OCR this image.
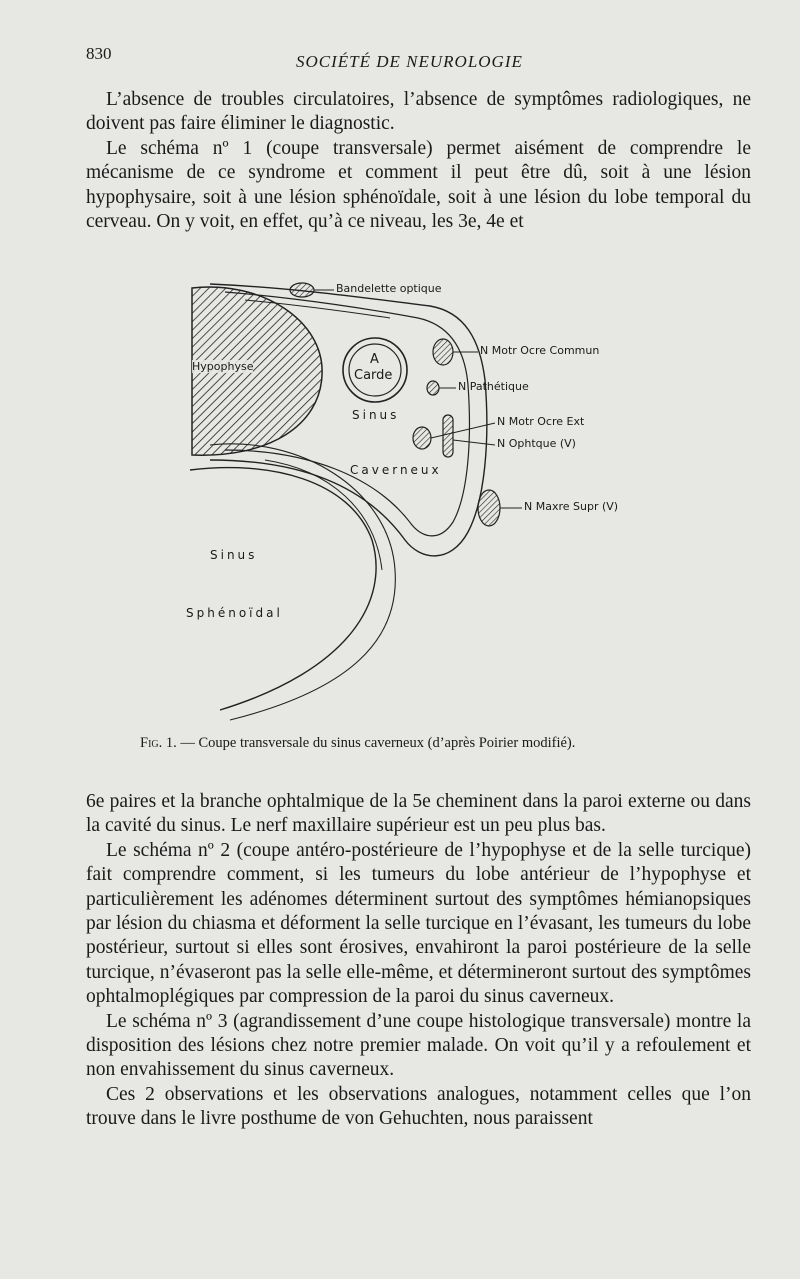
830	SOCIÉTÉ DE NEUROLOGIE

L’absence de troubles circulatoires, l’absence de symptômes radiologiques, ne doivent pas faire éliminer le diagnostic.

Le schéma nº 1 (coupe transversale) permet aisément de comprendre le mécanisme de ce syndrome et comment il peut être dû, soit à une lésion hypophysaire, soit à une lésion sphénoïdale, soit à une lésion du lobe temporal du cerveau. On y voit, en effet, qu’à ce niveau, les 3e, 4e et

Bandelette optique
Hypophyse	A
Carde
Sinus
Caverneux
Sinus
Sphénoïdal
N Motr Ocre Commun
N Pathétique
N Motr Ocre Ext
N Ophtque (V)
N Maxre Supr (V)
Fig. 1. — Coupe transversale du sinus caverneux (d’après Poirier modifié).

6e paires et la branche ophtalmique de la 5e cheminent dans la paroi externe ou dans la cavité du sinus. Le nerf maxillaire supérieur est un peu plus bas.

Le schéma nº 2 (coupe antéro-postérieure de l’hypophyse et de la selle turcique) fait comprendre comment, si les tumeurs du lobe antérieur de l’hypophyse et particulièrement les adénomes déterminent surtout des symptômes hémianopsiques par lésion du chiasma et déforment la selle turcique en l’évasant, les tumeurs du lobe postérieur, surtout si elles sont érosives, envahiront la paroi postérieure de la selle turcique, n’évaseront pas la selle elle-même, et détermineront surtout des symptômes ophtalmoplégiques par compression de la paroi du sinus caverneux.

Le schéma nº 3 (agrandissement d’une coupe histologique transversale) montre la disposition des lésions chez notre premier malade. On voit qu’il y a refoulement et non envahissement du sinus caverneux.

Ces 2 observations et les observations analogues, notamment celles que l’on trouve dans le livre posthume de von Gehuchten, nous paraissent
